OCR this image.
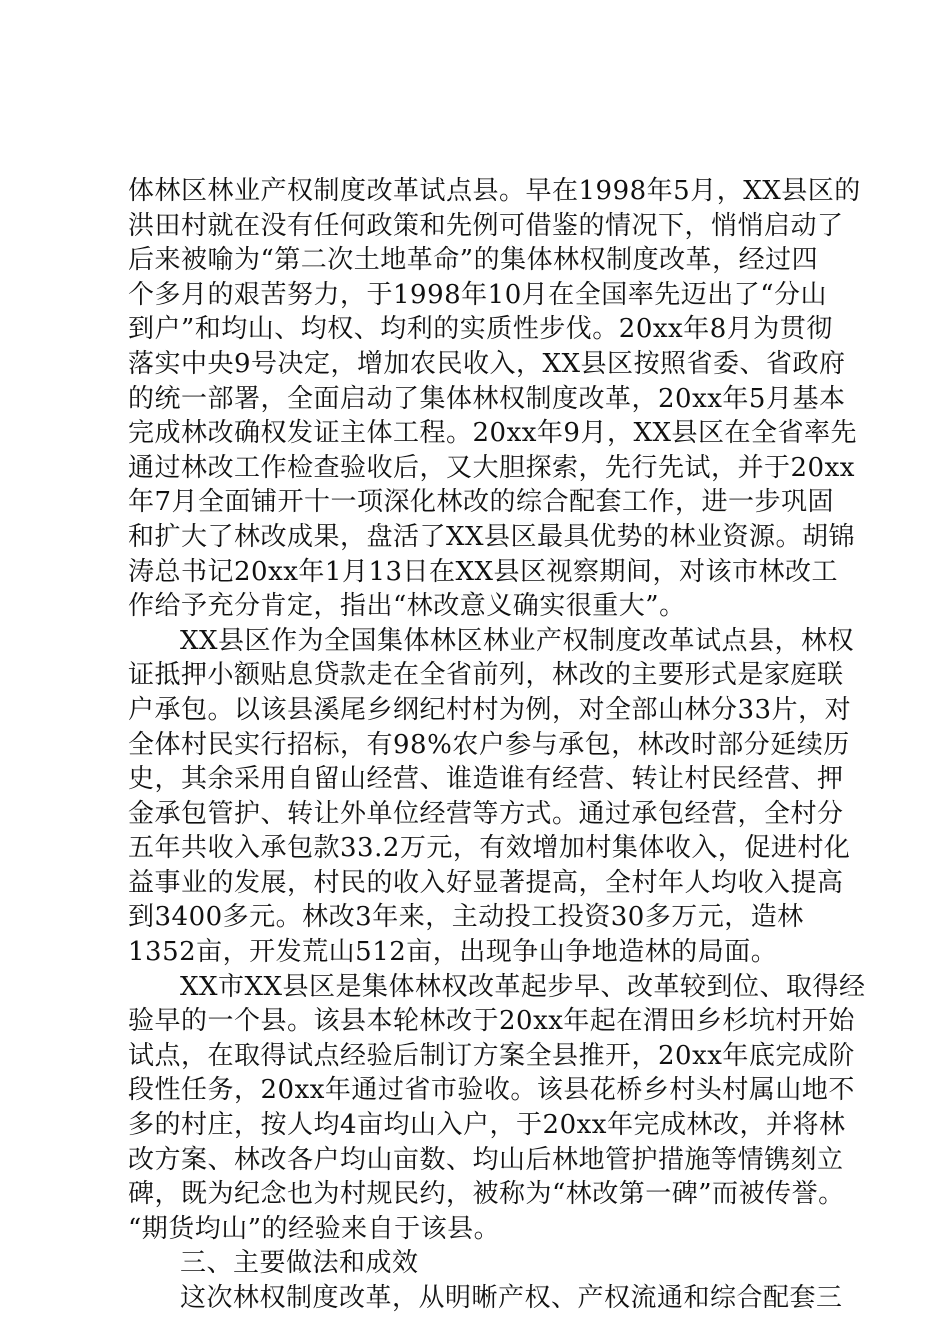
体林区林业产权制度改革试点县。早在1998年5月，XX县区的
洪田村就在没有任何政策和先例可借鉴的情况下，悄悄启动了
后来被喻为“第二次土地革命”的集体林权制度改革，经过四
个多月的艰苦努力，于1998年10月在全国率先迈出了“分山
到户”和均山、均权、均利的实质性步伐。20xx年8月为贯彻
落实中央9号决定，增加农民收入，XX县区按照省委、省政府
的统一部署，全面启动了集体林权制度改革，20xx年5月基本
完成林改确权发证主体工程。20xx年9月，XX县区在全省率先
通过林改工作检查验收后，又大胆探索，先行先试，并于20xx
年7月全面铺开十一项深化林改的综合配套工作，进一步巩固
和扩大了林改成果，盘活了XX县区最具优势的林业资源。胡锦
涛总书记20xx年1月13日在XX县区视察期间，对该市林改工
作给予充分肯定，指出“林改意义确实很重大”。
XX县区作为全国集体林区林业产权制度改革试点县，林权
证抵押小额贴息贷款走在全省前列，林改的主要形式是家庭联
户承包。以该县溪尾乡纲纪村村为例，对全部山林分33片，对
全体村民实行招标，有98%农户参与承包，林改时部分延续历
史，其余采用自留山经营、谁造谁有经营、转让村民经营、押
金承包管护、转让外单位经营等方式。通过承包经营，全村分
五年共收入承包款33.2万元，有效增加村集体收入，促进村化
益事业的发展，村民的收入好显著提高，全村年人均收入提高
到3400多元。林改3年来，主动投工投资30多万元，造林
1352亩，开发荒山512亩，出现争山争地造林的局面。
XX市XX县区是集体林权改革起步早、改革较到位、取得经
验早的一个县。该县本轮林改于20xx年起在渭田乡杉坑村开始
试点，在取得试点经验后制订方案全县推开，20xx年底完成阶
段性任务，20xx年通过省市验收。该县花桥乡村头村属山地不
多的村庄，按人均4亩均山入户，于20xx年完成林改，并将林
改方案、林改各户均山亩数、均山后林地管护措施等情镌刻立
碑，既为纪念也为村规民约，被称为“林改第一碑”而被传誉。
“期货均山”的经验来自于该县。
三、主要做法和成效
这次林权制度改革，从明晰产权、产权流通和综合配套三
